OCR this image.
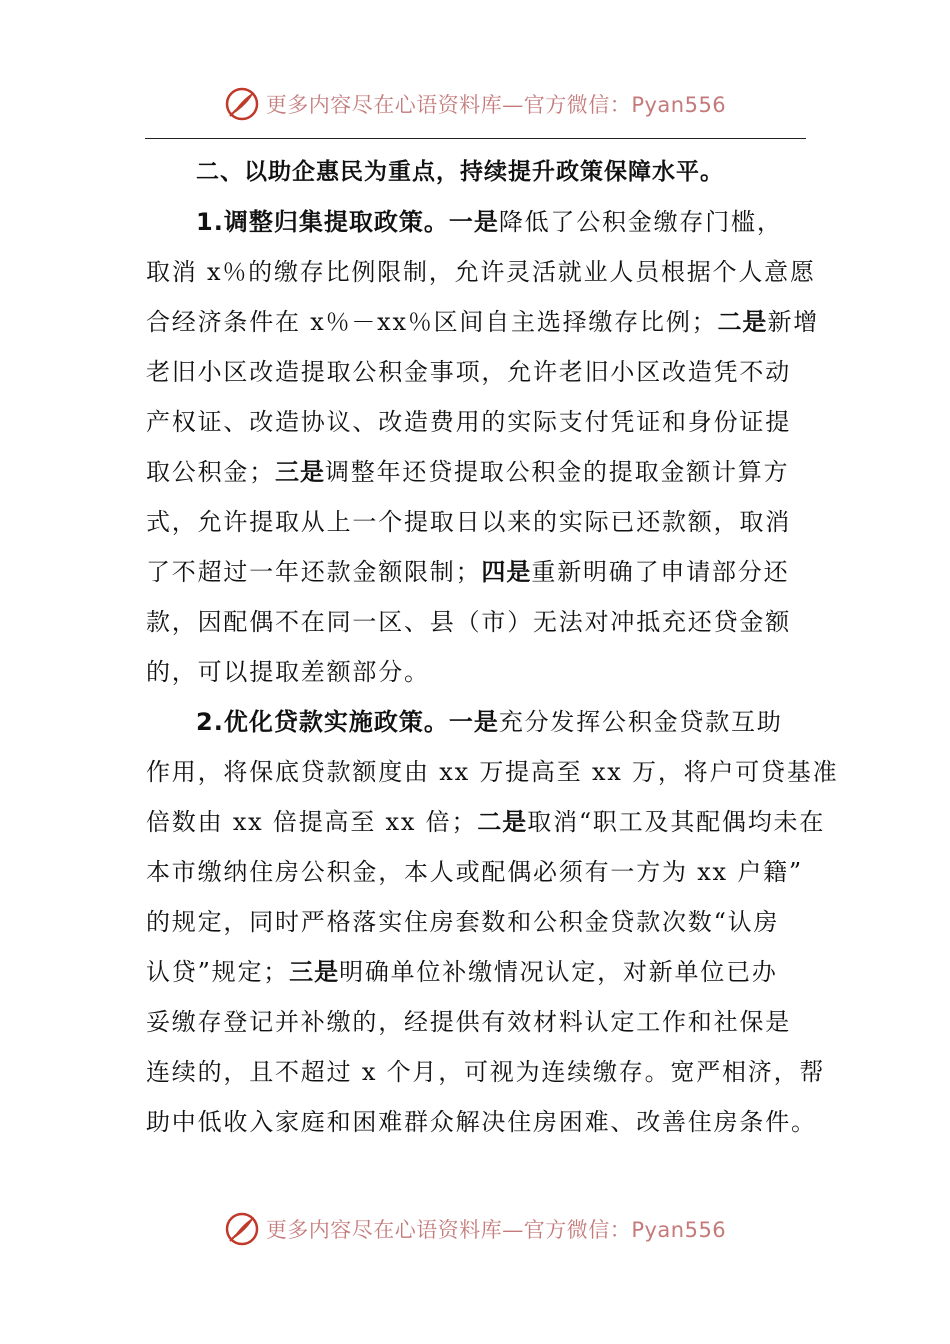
更多内容尽在心语资料库—官方微信：Pyan556
二、以助企惠民为重点，持续提升政策保障水平。
1.调整归集提取政策。一是降低了公积金缴存门槛，
取消 x％的缴存比例限制，允许灵活就业人员根据个人意愿
合经济条件在 x％－xx％区间自主选择缴存比例；二是新增
老旧小区改造提取公积金事项，允许老旧小区改造凭不动
产权证、改造协议、改造费用的实际支付凭证和身份证提
取公积金；三是调整年还贷提取公积金的提取金额计算方
式，允许提取从上一个提取日以来的实际已还款额，取消
了不超过一年还款金额限制；四是重新明确了申请部分还
款，因配偶不在同一区、县（市）无法对冲抵充还贷金额
的，可以提取差额部分。
2.优化贷款实施政策。一是充分发挥公积金贷款互助
作用，将保底贷款额度由 xx 万提高至 xx 万，将户可贷基准
倍数由 xx 倍提高至 xx 倍；二是取消“职工及其配偶均未在
本市缴纳住房公积金，本人或配偶必须有一方为 xx 户籍”
的规定，同时严格落实住房套数和公积金贷款次数“认房
认贷”规定；三是明确单位补缴情况认定，对新单位已办
妥缴存登记并补缴的，经提供有效材料认定工作和社保是
连续的，且不超过 x 个月，可视为连续缴存。宽严相济，帮
助中低收入家庭和困难群众解决住房困难、改善住房条件。
更多内容尽在心语资料库—官方微信：Pyan556
